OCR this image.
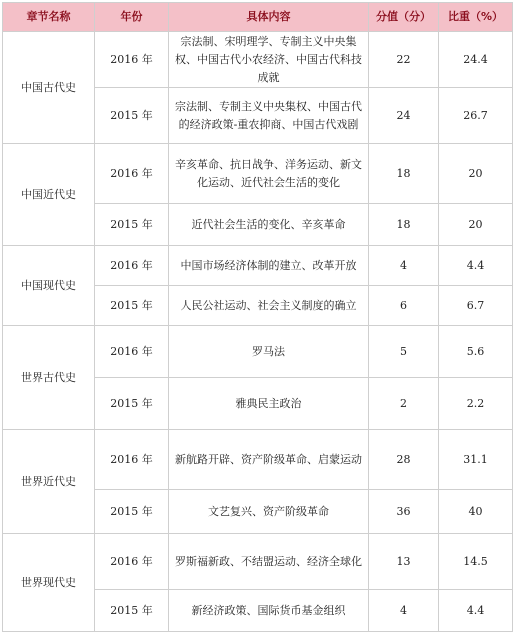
章节名称	年份	具体内容	分值（分）	比重（%）
中国古代史	2016 年	宗法制、宋明理学、专制主义中央集权、中国古代小农经济、中国古代科技成就	22	24.4
	2015 年	宗法制、专制主义中央集权、中国古代的经济政策-重农抑商、中国古代戏剧	24	26.7
中国近代史	2016 年	辛亥革命、抗日战争、洋务运动、新文化运动、近代社会生活的变化	18	20
	2015 年	近代社会生活的变化、辛亥革命	18	20
中国现代史	2016 年	中国市场经济体制的建立、改革开放	4	4.4
	2015 年	人民公社运动、社会主义制度的确立	6	6.7
世界古代史	2016 年	罗马法	5	5.6
	2015 年	雅典民主政治	2	2.2
世界近代史	2016 年	新航路开辟、资产阶级革命、启蒙运动	28	31.1
	2015 年	文艺复兴、资产阶级革命	36	40
世界现代史	2016 年	罗斯福新政、不结盟运动、经济全球化	13	14.5
	2015 年	新经济政策、国际货币基金组织	4	4.4
